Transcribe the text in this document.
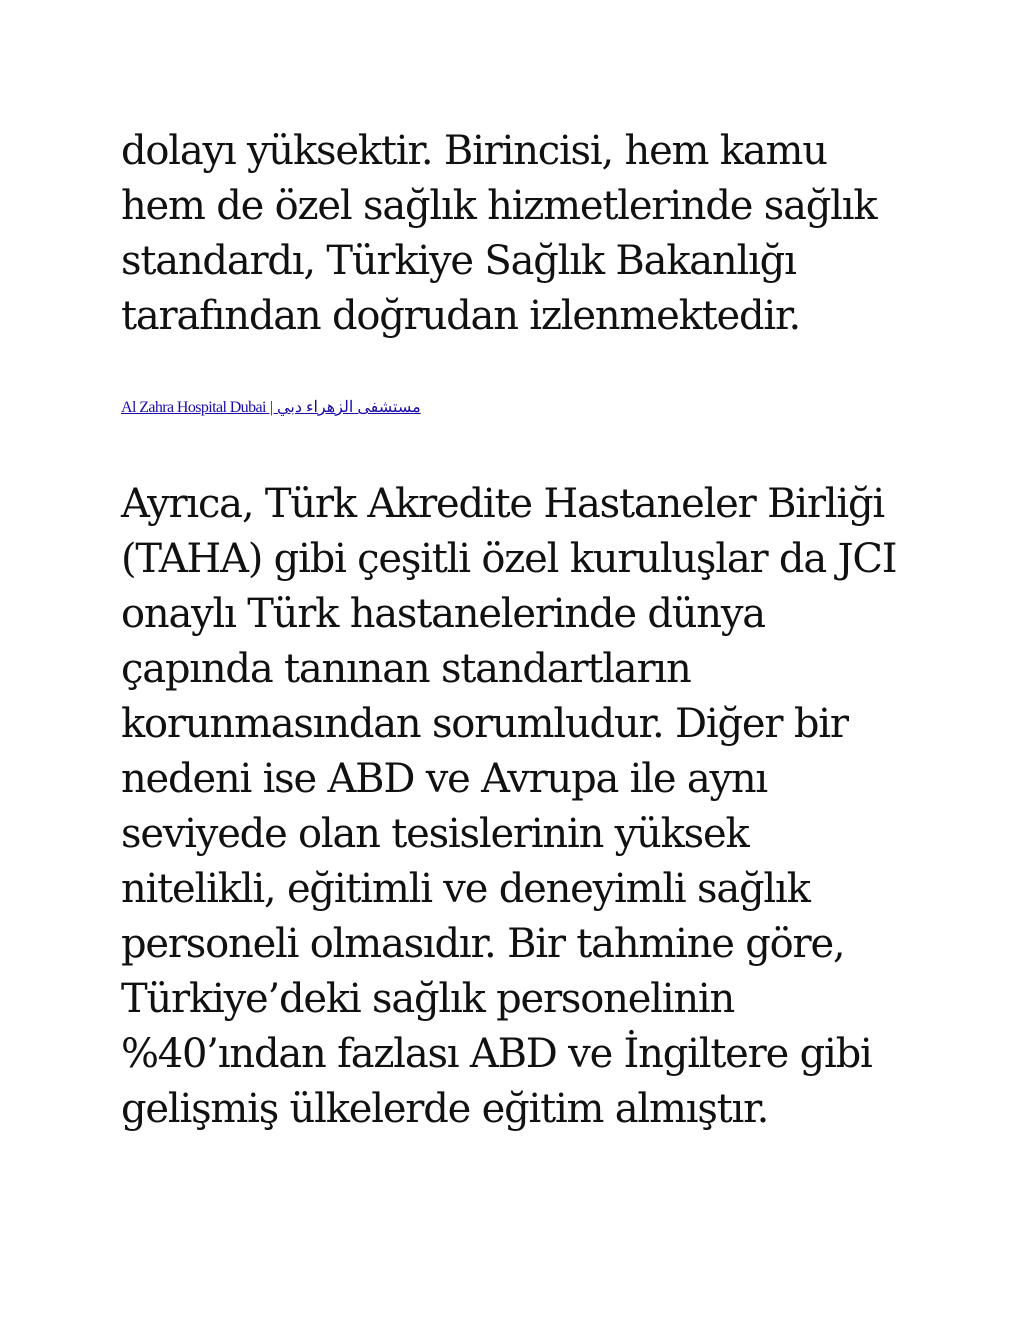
dolayı yüksektir. Birincisi, hem kamu
hem de özel sağlık hizmetlerinde sağlık
standardı, Türkiye Sağlık Bakanlığı
tarafından doğrudan izlenmektedir.

مستشفى الزهراء دبي | Al Zahra Hospital Dubai

Ayrıca, Türk Akredite Hastaneler Birliği
(TAHA) gibi çeşitli özel kuruluşlar da JCI
onaylı Türk hastanelerinde dünya
çapında tanınan standartların
korunmasından sorumludur. Diğer bir
nedeni ise ABD ve Avrupa ile aynı
seviyede olan tesislerinin yüksek
nitelikli, eğitimli ve deneyimli sağlık
personeli olmasıdır. Bir tahmine göre,
Türkiye’deki sağlık personelinin
%40’ından fazlası ABD ve İngiltere gibi
gelişmiş ülkelerde eğitim almıştır.
